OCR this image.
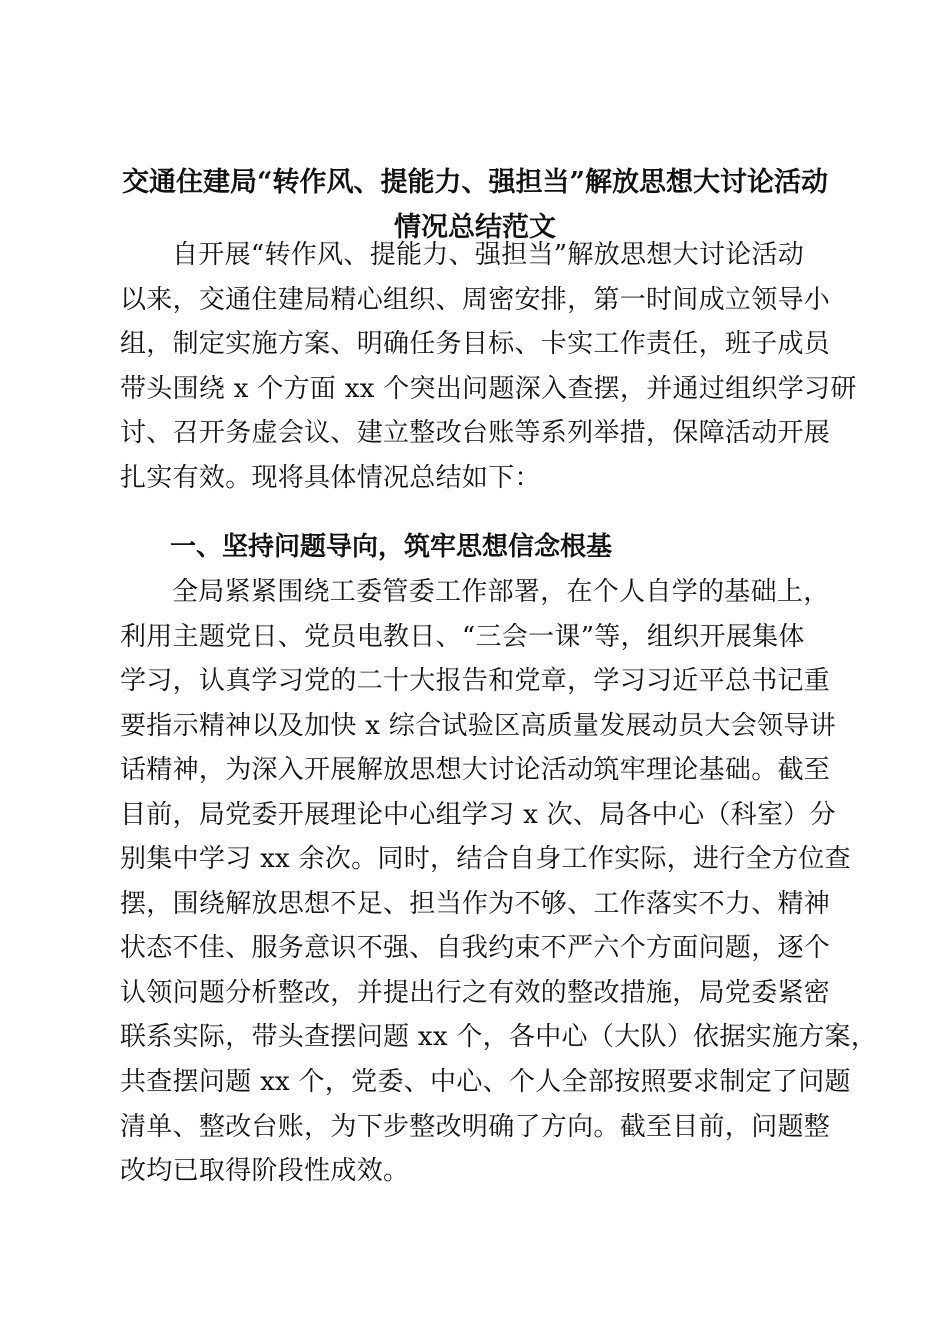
交通住建局“转作风、提能力、强担当”解放思想大讨论活动
情况总结范文
自开展“转作风、提能力、强担当”解放思想大讨论活动
以来，交通住建局精心组织、周密安排，第一时间成立领导小
组，制定实施方案、明确任务目标、卡实工作责任，班子成员
带头围绕 x 个方面 xx 个突出问题深入查摆，并通过组织学习研
讨、召开务虚会议、建立整改台账等系列举措，保障活动开展
扎实有效。现将具体情况总结如下：
一、坚持问题导向，筑牢思想信念根基
全局紧紧围绕工委管委工作部署，在个人自学的基础上，
利用主题党日、党员电教日、“三会一课”等，组织开展集体
学习，认真学习党的二十大报告和党章，学习习近平总书记重
要指示精神以及加快 x 综合试验区高质量发展动员大会领导讲
话精神，为深入开展解放思想大讨论活动筑牢理论基础。截至
目前，局党委开展理论中心组学习 x 次、局各中心（科室）分
别集中学习 xx 余次。同时，结合自身工作实际，进行全方位查
摆，围绕解放思想不足、担当作为不够、工作落实不力、精神
状态不佳、服务意识不强、自我约束不严六个方面问题，逐个
认领问题分析整改，并提出行之有效的整改措施，局党委紧密
联系实际，带头查摆问题 xx 个，各中心（大队）依据实施方案，
共查摆问题 xx 个，党委、中心、个人全部按照要求制定了问题
清单、整改台账，为下步整改明确了方向。截至目前，问题整
改均已取得阶段性成效。
